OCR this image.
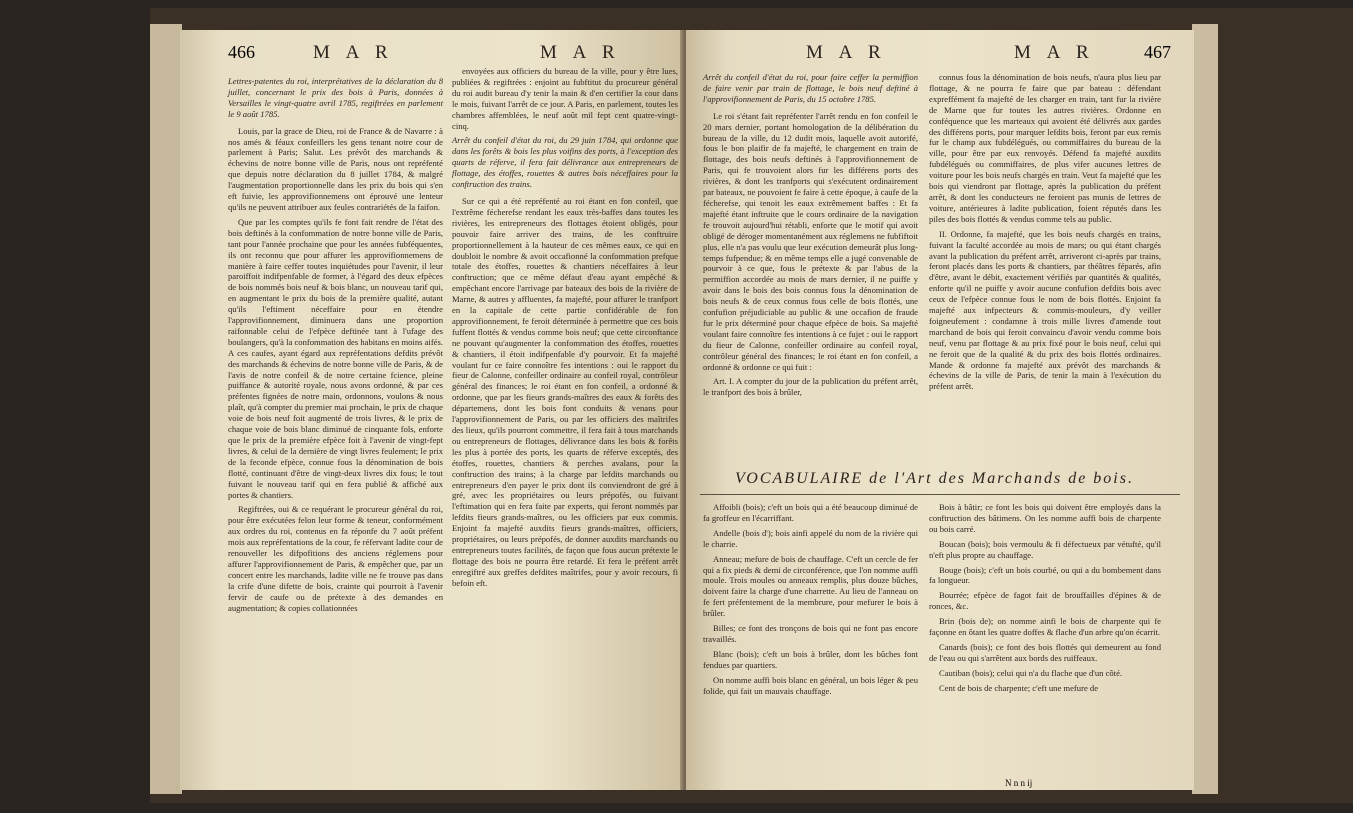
466	M A R	M A R

Lettres-patentes du roi, interprétatives de la déclaration du 8 juillet, concernant le prix des bois à Paris, données à Versailles le vingt-quatre avril 1785, regiftrées en parlement le 9 août 1785.

Louis, par la grace de Dieu, roi de France & de Navarre : à nos amés & féaux confeillers les gens tenant notre cour de parlement à Paris; Salut. Les prévôt des marchands & échevins de notre bonne ville de Paris, nous ont repréfenté que depuis notre déclaration du 8 juillet 1784, & malgré l'augmentation proportionnelle dans les prix du bois qui s'en eft fuivie, les approvifionnemens ont éprouvé une lenteur qu'ils ne peuvent attribuer aux feules contrariétés de la faifon.

Que par les comptes qu'ils fe font fait rendre de l'état des bois deftinés à la confommation de notre bonne ville de Paris, tant pour l'année prochaine que pour les années fubféquentes, ils ont reconnu que pour affurer les approvifionnemens de manière à faire ceffer toutes inquiétudes pour l'avenir, il leur paroiffoit indifpenfable de former, à l'égard des deux efpèces de bois nommés bois neuf & bois blanc, un nouveau tarif qui, en augmentant le prix du bois de la première qualité, autant qu'ils l'eftiment néceffaire pour en étendre l'approvifionnement, diminuera dans une proportion raifonnable celui de l'efpèce deftinée tant à l'ufage des boulangers, qu'à la confommation des habitans en moins aifés. A ces caufes, ayant égard aux repréfentations defdits prévôt des marchands & échevins de notre bonne ville de Paris, & de l'avis de notre confeil & de notre certaine fcience, pleine puiffance & autorité royale, nous avons ordonné, & par ces préfentes fignées de notre main, ordonnons, voulons & nous plaît, qu'à compter du premier mai prochain, le prix de chaque voie de bois neuf foit augmenté de trois livres, & le prix de chaque voie de bois blanc diminué de cinquante fols, enforte que le prix de la première efpèce foit à l'avenir de vingt-fept livres, & celui de la dernière de vingt livres feulement; le prix de la feconde efpèce, connue fous la dénomination de bois flotté, continuant d'être de vingt-deux livres dix fous; le tout fuivant le nouveau tarif qui en fera publié & affiché aux portes & chantiers.

Regiftrées, oui & ce requérant le procureur général du roi, pour être exécutées felon leur forme & teneur, conformément aux ordres du roi, contenus en fa réponfe du 7 août préfent mois aux repréfentations de la cour, fe réfervant ladite cour de renouveller les difpofitions des anciens réglemens pour affurer l'approvifionnement de Paris, & empêcher que, par un concert entre les marchands, ladite ville ne fe trouve pas dans la crife d'une difette de bois, crainte qui pourroit à l'avenir fervir de caufe ou de prétexte à des demandes en augmentation; & copies collationnées

envoyées aux officiers du bureau de la ville, pour y être lues, publiées & regiftrées : enjoint au fubftitut du procureur général du roi audit bureau d'y tenir la main & d'en certifier la cour dans le mois, fuivant l'arrêt de ce jour. A Paris, en parlement, toutes les chambres affemblées, le neuf août mil fept cent quatre-vingt-cinq.

Arrêt du confeil d'état du roi, du 29 juin 1784, qui ordonne que dans les forêts & bois les plus voifins des ports, à l'exception des quarts de réferve, il fera fait délivrance aux entrepreneurs de flottage, des étoffes, rouettes & autres bois néceffaires pour la conftruction des trains.

Sur ce qui a été repréfenté au roi étant en fon confeil, que l'extrême fécherefse rendant les eaux très-baffes dans toutes les rivières, les entrepreneurs des flottages étoient obligés, pour pouvoir faire arriver des trains, de les conftruire proportionnellement à la hauteur de ces mêmes eaux, ce qui en doubloit le nombre & avoit occafionné la confommation prefque totale des étoffes, rouettes & chantiers néceffaires à leur conftruction; que ce même défaut d'eau ayant empêché & empêchant encore l'arrivage par bateaux des bois de la rivière de Marne, & autres y affluentes, fa majefté, pour affurer le tranfport en la capitale de cette partie confidérable de fon approvifionnement, fe feroit déterminée à permettre que ces bois fuffent flottés & vendus comme bois neuf; que cette circonftance ne pouvant qu'augmenter la confommation des étoffes, rouettes & chantiers, il étoit indifpenfable d'y pourvoir. Et fa majefté voulant fur ce faire connoître fes intentions : oui le rapport du fieur de Calonne, confeiller ordinaire au confeil royal, contrôleur général des finances; le roi étant en fon confeil, a ordonné & ordonne, que par les fieurs grands-maîtres des eaux & forêts des départemens, dont les bois font conduits & venans pour l'approvifionnement de Paris, ou par les officiers des maîtrifes des lieux, qu'ils pourront commettre, il fera fait à tous marchands ou entrepreneurs de flottages, délivrance dans les bois & forêts les plus à portée des ports, les quarts de réferve exceptés, des étoffes, rouettes, chantiers & perches avalans, pour la conftruction des trains; à la charge par lefdits marchands ou entrepreneurs d'en payer le prix dont ils conviendront de gré à gré, avec les propriétaires ou leurs prépofés, ou fuivant l'eftimation qui en fera faite par experts, qui feront nommés par lefdits fieurs grands-maîtres, ou les officiers par eux commis. Enjoint fa majefté auxdits fieurs grands-maîtres, officiers, propriétaires, ou leurs prépofés, de donner auxdits marchands ou entrepreneurs toutes facilités, de façon que fous aucun prétexte le flottage des bois ne pourra être retardé. Et fera le préfent arrêt enregiftré aux greffes defdites maîtrifes, pour y avoir recours, fi befoin eft.

M A R	M A R	467

Arrêt du confeil d'état du roi, pour faire ceffer la permiffion de faire venir par train de flottage, le bois neuf deftiné à l'approvifionnement de Paris, du 15 octobre 1785.

Le roi s'étant fait repréfenter l'arrêt rendu en fon confeil le 20 mars dernier, portant homologation de la délibération du bureau de la ville, du 12 dudit mois, laquelle avoit autorifé, fous le bon plaifir de fa majefté, le chargement en train de flottage, des bois neufs deftinés à l'approvifionnement de Paris, qui fe trouvoient alors fur les différens ports des rivières, & dont les tranfports qui s'exécutent ordinairement par bateaux, ne pouvoient fe faire à cette époque, à caufe de la fécherefse, qui tenoit les eaux extrêmement baffes : Et fa majefté étant inftruite que le cours ordinaire de la navigation fe trouvoit aujourd'hui rétabli, enforte que le motif qui avoit obligé de déroger momentanément aux réglemens ne fubfiftoit plus, elle n'a pas voulu que leur exécution demeurât plus long-temps fufpendue; & en même temps elle a jugé convenable de pourvoir à ce que, fous le prétexte & par l'abus de la permiffion accordée au mois de mars dernier, il ne puiffe y avoir dans le bois des bois connus fous la dénomination de bois neufs & de ceux connus fous celle de bois flottés, une confufion préjudiciable au public & une occafion de fraude fur le prix déterminé pour chaque efpèce de bois. Sa majefté voulant faire connoître fes intentions à ce fujet : oui le rapport du fieur de Calonne, confeiller ordinaire au confeil royal, contrôleur général des finances; le roi étant en fon confeil, a ordonné & ordonne ce qui fuit :

Art. I. A compter du jour de la publication du préfent arrêt, le tranfport des bois à brûler,

connus fous la dénomination de bois neufs, n'aura plus lieu par flottage, & ne pourra fe faire que par bateau : défendant expreffément fa majefté de les charger en train, tant fur la rivière de Marne que fur toutes les autres rivières. Ordonne en conféquence que les marteaux qui avoient été délivrés aux gardes des différens ports, pour marquer lefdits bois, feront par eux remis fur le champ aux fubdélégués, ou commiffaires du bureau de la ville, pour être par eux renvoyés. Défend fa majefté auxdits fubdélégués ou commiffaires, de plus vifer aucunes lettres de voiture pour les bois neufs chargés en train. Veut fa majefté que les bois qui viendront par flottage, après la publication du préfent arrêt, & dont les conducteurs ne feroient pas munis de lettres de voiture, antérieures à ladite publication, foient réputés dans les piles des bois flottés & vendus comme tels au public.

II. Ordonne, fa majefté, que les bois neufs chargés en trains, fuivant la faculté accordée au mois de mars; ou qui étant chargés avant la publication du préfent arrêt, arriveront ci-après par trains, feront placés dans les ports & chantiers, par théâtres féparés, afin d'être, avant le débit, exactement vérifiés par quantités & qualités, enforte qu'il ne puiffe y avoir aucune confufion defdits bois avec ceux de l'efpèce connue fous le nom de bois flottés. Enjoint fa majefté aux infpecteurs & commis-mouleurs, d'y veiller foigneufement : condamne à trois mille livres d'amende tout marchand de bois qui feroit convaincu d'avoir vendu comme bois neuf, venu par flottage & au prix fixé pour le bois neuf, celui qui ne feroit que de la qualité & du prix des bois flottés ordinaires. Mande & ordonne fa majefté aux prévôt des marchands & échevins de la ville de Paris, de tenir la main à l'exécution du préfent arrêt.

VOCABULAIRE de l'Art des Marchands de bois.

Affoibli (bois); c'eft un bois qui a été beaucoup diminué de fa groffeur en l'écarriffant.

Andelle (bois d'); bois ainfi appelé du nom de la rivière qui le charrie.

Anneau; mefure de bois de chauffage. C'eft un cercle de fer qui a fix pieds & demi de circonférence, que l'on nomme auffi moule. Trois moules ou anneaux remplis, plus douze bûches, doivent faire la charge d'une charrette. Au lieu de l'anneau on fe fert préfentement de la membrure, pour mefurer le bois à brûler.

Billes; ce font des tronçons de bois qui ne font pas encore travaillés.

Blanc (bois); c'eft un bois à brûler, dont les bûches font fendues par quartiers.

On nomme auffi bois blanc en général, un bois léger & peu folide, qui fait un mauvais chauffage.

Bois à bâtir; ce font les bois qui doivent être employés dans la conftruction des bâtimens. On les nomme auffi bois de charpente ou bois carré.

Boucan (bois); bois vermoulu & fi défectueux par vétufté, qu'il n'eft plus propre au chauffage.

Bouge (bois); c'eft un bois courbé, ou qui a du bombement dans fa longueur.

Bourrée; efpèce de fagot fait de brouffailles d'épines & de ronces, &c.

Brin (bois de); on nomme ainfi le bois de charpente qui fe façonne en ôtant les quatre doffes & flache d'un arbre qu'on écarrit.

Canards (bois); ce font des bois flottés qui demeurent au fond de l'eau ou qui s'arrêtent aux bords des ruiffeaux.

Cautiban (bois); celui qui n'a du flache que d'un côté.

Cent de bois de charpente; c'eft une mefure de

N n n ij
